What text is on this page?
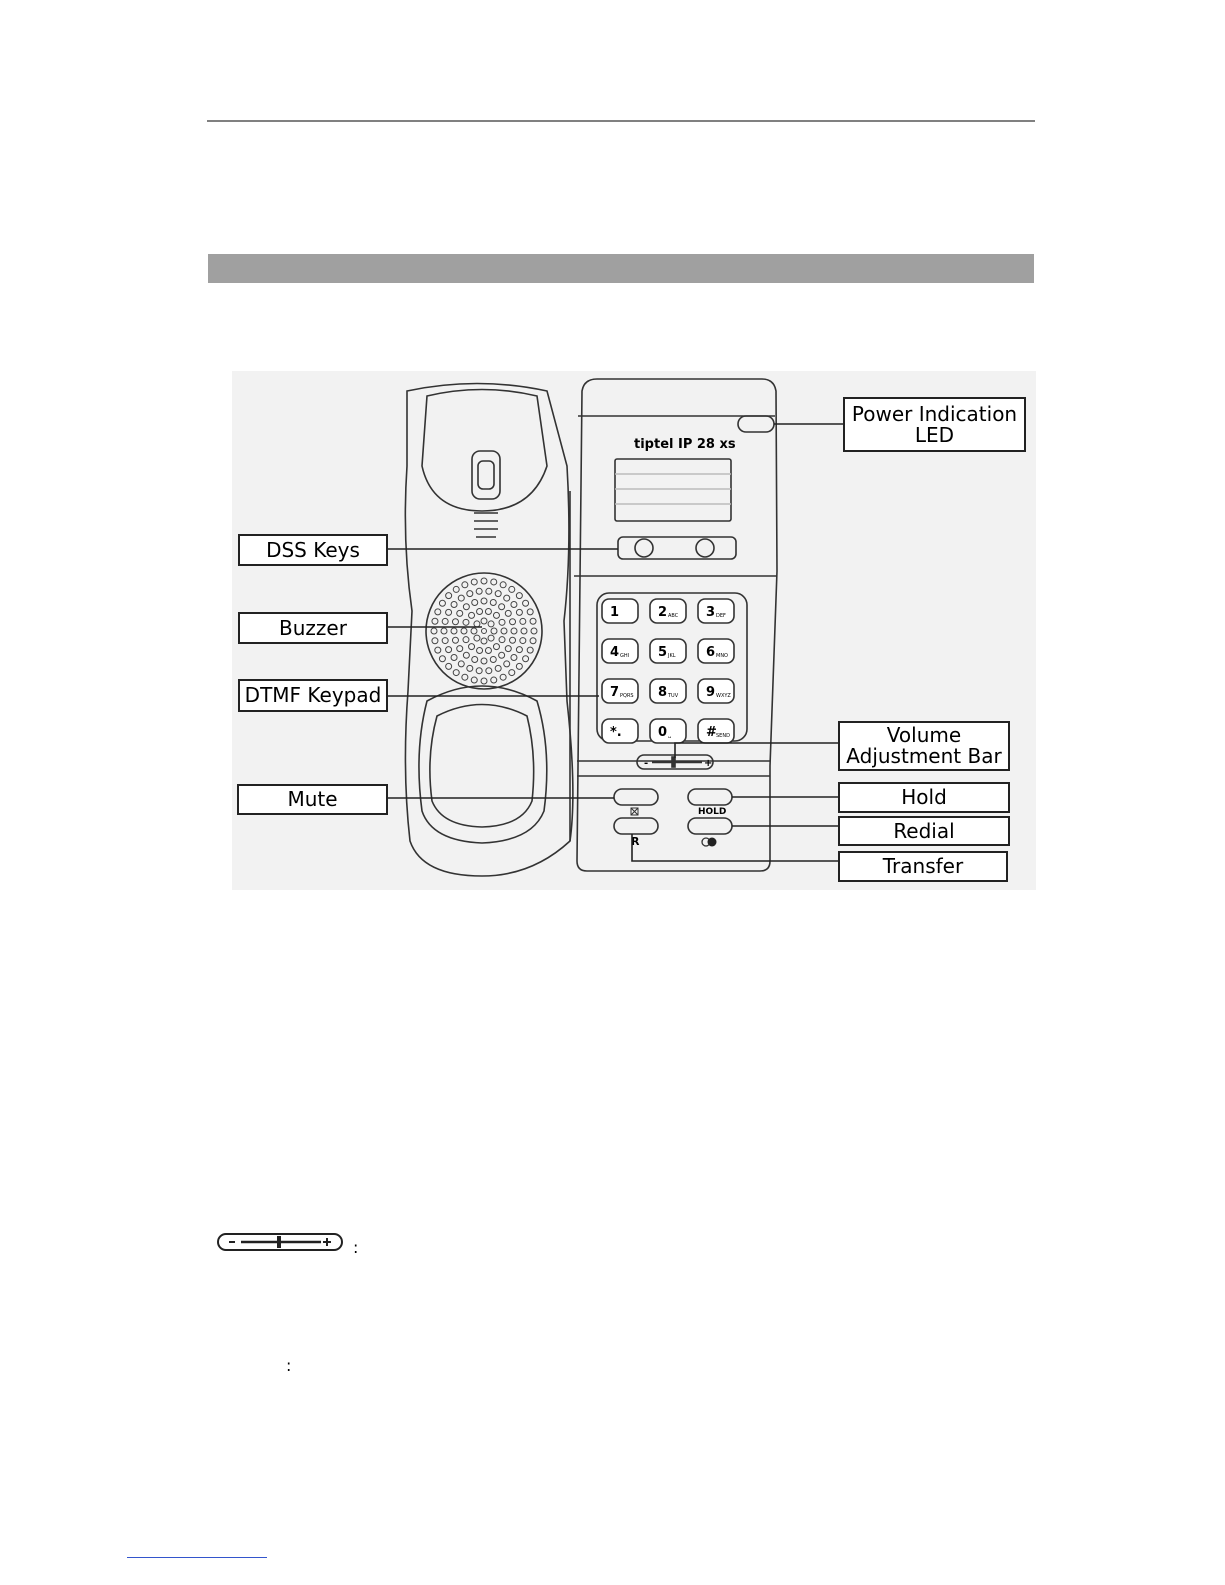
1	2 ABC 3 DEF
4 GHI 5 JKL 6 MNO
7 PQRS 8 TUV 9 WXYZ
*.	0 ␣	# SEND
tiptel IP 28 xs
-	+
HOLD
R
Power Indication
LED
DSS Keys
Buzzer
DTMF Keypad
Volume
Adjustment Bar
Mute	Hold
Redial
Transfer
:
:
